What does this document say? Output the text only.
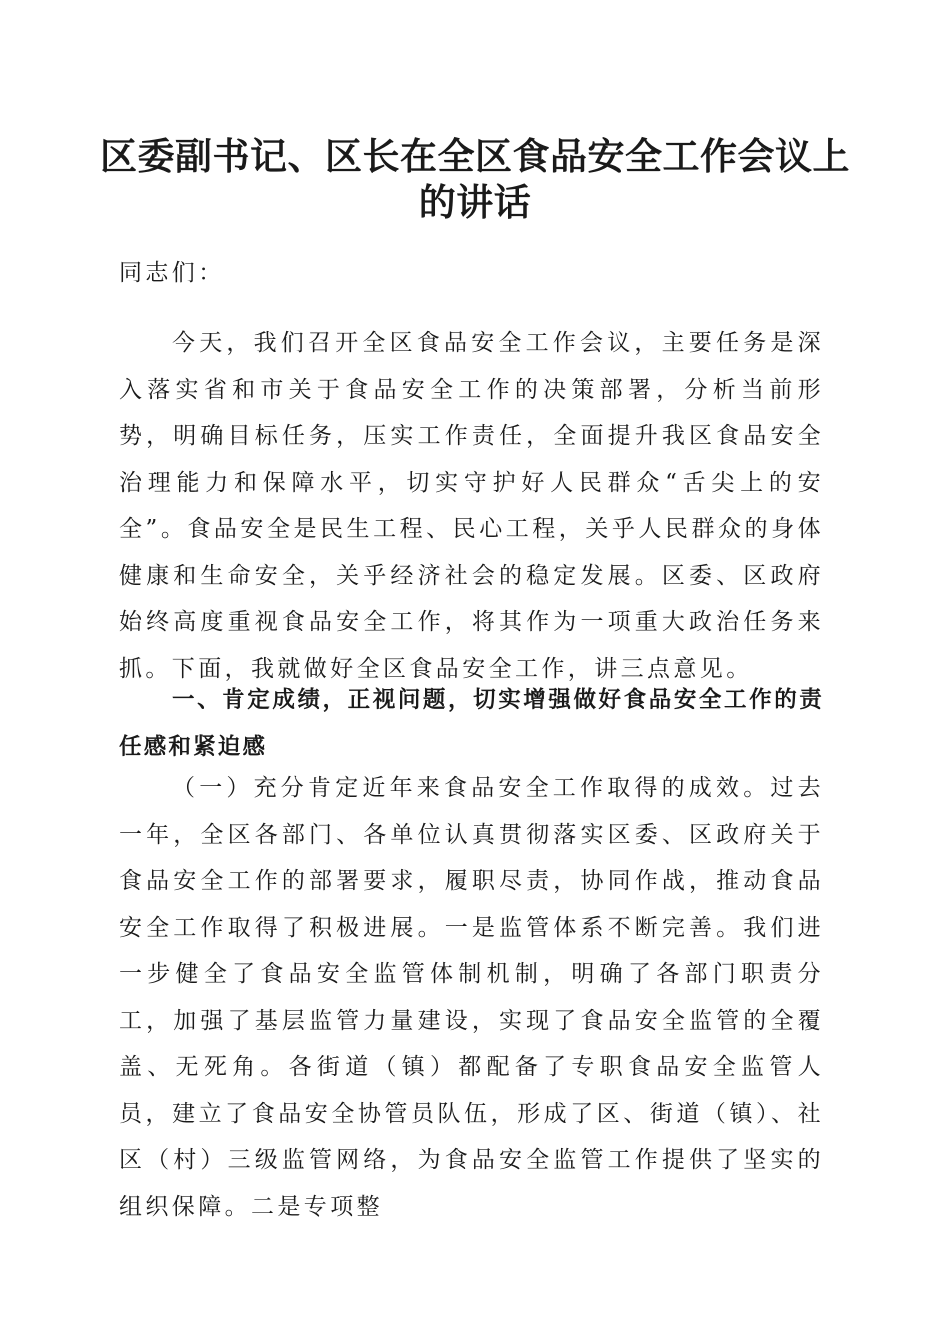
区委副书记、区长在全区食品安全工作会议上的讲话

同志们：

今天，我们召开全区食品安全工作会议，主要任务是深入落实省和市关于食品安全工作的决策部署，分析当前形势，明确目标任务，压实工作责任，全面提升我区食品安全治理能力和保障水平，切实守护好人民群众“舌尖上的安全”。食品安全是民生工程、民心工程，关乎人民群众的身体健康和生命安全，关乎经济社会的稳定发展。区委、区政府始终高度重视食品安全工作，将其作为一项重大政治任务来抓。下面，我就做好全区食品安全工作，讲三点意见。

一、肯定成绩，正视问题，切实增强做好食品安全工作的责任感和紧迫感

（一）充分肯定近年来食品安全工作取得的成效。过去一年，全区各部门、各单位认真贯彻落实区委、区政府关于食品安全工作的部署要求，履职尽责，协同作战，推动食品安全工作取得了积极进展。一是监管体系不断完善。我们进一步健全了食品安全监管体制机制，明确了各部门职责分工，加强了基层监管力量建设，实现了食品安全监管的全覆盖、无死角。各街道（镇）都配备了专职食品安全监管人员，建立了食品安全协管员队伍，形成了区、街道（镇）、社区（村）三级监管网络，为食品安全监管工作提供了坚实的组织保障。二是专项整
